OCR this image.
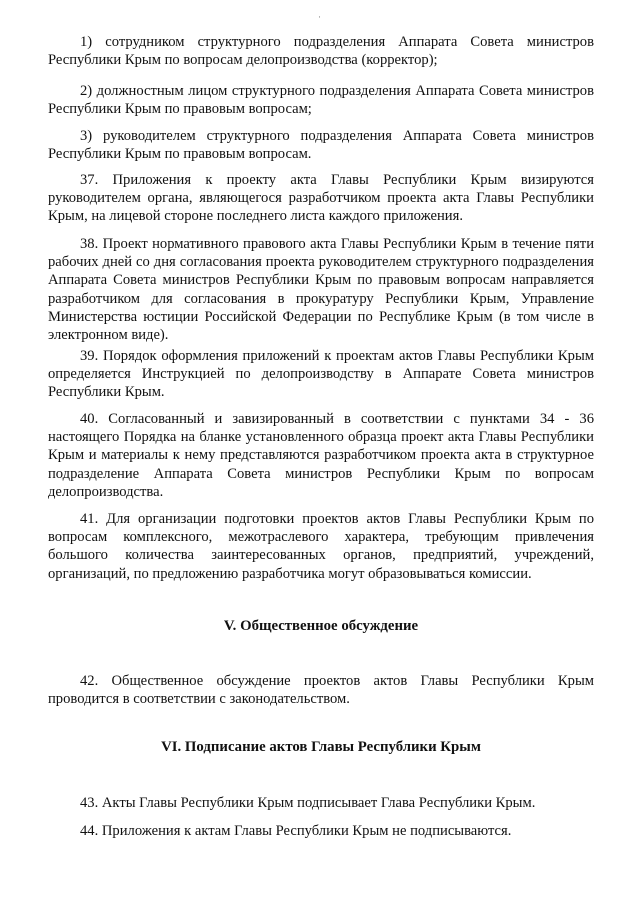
·

1) сотрудником структурного подразделения Аппарата Совета министров Республики Крым по вопросам делопроизводства (корректор);

2) должностным лицом структурного подразделения Аппарата Совета министров Республики Крым по правовым вопросам;

3) руководителем структурного подразделения Аппарата Совета министров Республики Крым по правовым вопросам.

37. Приложения к проекту акта Главы Республики Крым визируются руководителем органа, являющегося разработчиком проекта акта Главы Республики Крым, на лицевой стороне последнего листа каждого приложения.

38. Проект нормативного правового акта Главы Республики Крым в течение пяти рабочих дней со дня согласования проекта руководителем структурного подразделения Аппарата Совета министров Республики Крым по правовым вопросам направляется разработчиком для согласования в прокуратуру Республики Крым, Управление Министерства юстиции Российской Федерации по Республике Крым (в том числе в электронном виде).

39. Порядок оформления приложений к проектам актов Главы Республики Крым определяется Инструкцией по делопроизводству в Аппарате Совета министров Республики Крым.

40. Согласованный и завизированный в соответствии с пунктами 34 - 36 настоящего Порядка на бланке установленного образца проект акта Главы Республики Крым и материалы к нему представляются разработчиком проекта акта в структурное подразделение Аппарата Совета министров Республики Крым по вопросам делопроизводства.

41. Для организации подготовки проектов актов Главы Республики Крым по вопросам комплексного, межотраслевого характера, требующим привлечения большого количества заинтересованных органов, предприятий, учреждений, организаций, по предложению разработчика могут образовываться комиссии.

V. Общественное обсуждение

42. Общественное обсуждение проектов актов Главы Республики Крым проводится в соответствии с законодательством.

VI. Подписание актов Главы Республики Крым

43. Акты Главы Республики Крым подписывает Глава Республики Крым.

44. Приложения к актам Главы Республики Крым не подписываются.
